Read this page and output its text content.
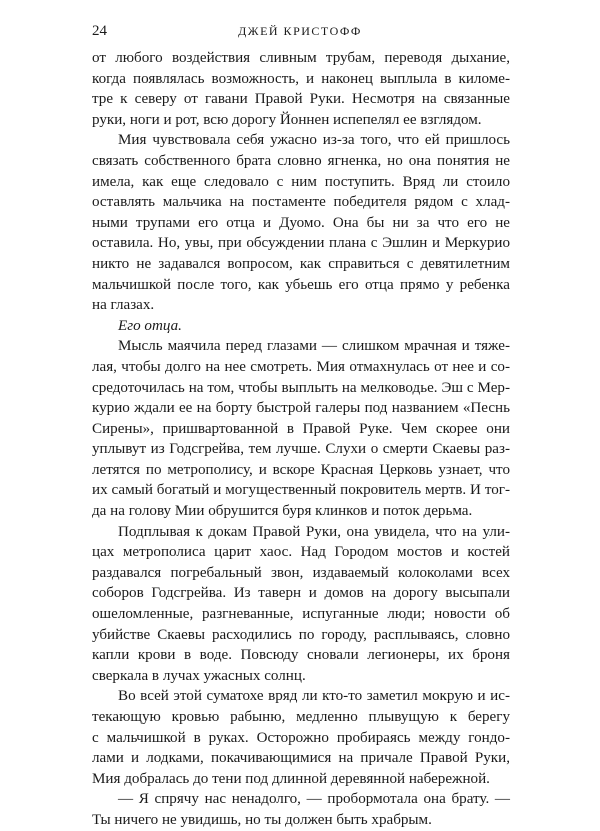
24	ДЖЕЙ КРИСТОФФ
от любого воздействия сливным трубам, переводя дыхание,
когда появлялась возможность, и наконец выплыла в киломе-
тре к северу от гавани Правой Руки. Несмотря на связанные
руки, ноги и рот, всю дорогу Йоннен испепелял ее взглядом.
Мия чувствовала себя ужасно из-за того, что ей пришлось
связать собственного брата словно ягненка, но она понятия не
имела, как еще следовало с ним поступить. Вряд ли стоило
оставлять мальчика на постаменте победителя рядом с хлад-
ными трупами его отца и Дуомо. Она бы ни за что его не
оставила. Но, увы, при обсуждении плана с Эшлин и Меркурио
никто не задавался вопросом, как справиться с девятилетним
мальчишкой после того, как убьешь его отца прямо у ребенка
на глазах.
Его отца.
Мысль маячила перед глазами — слишком мрачная и тяже-
лая, чтобы долго на нее смотреть. Мия отмахнулась от нее и со-
средоточилась на том, чтобы выплыть на мелководье. Эш с Мер-
курио ждали ее на борту быстрой галеры под названием «Песнь
Сирены», пришвартованной в Правой Руке. Чем скорее они
уплывут из Годсгрейва, тем лучше. Слухи о смерти Скаевы раз-
летятся по метрополису, и вскоре Красная Церковь узнает, что
их самый богатый и могущественный покровитель мертв. И тог-
да на голову Мии обрушится буря клинков и поток дерьма.
Подплывая к докам Правой Руки, она увидела, что на ули-
цах метрополиса царит хаос. Над Городом мостов и костей
раздавался погребальный звон, издаваемый колоколами всех
соборов Годсгрейва. Из таверн и домов на дорогу высыпали
ошеломленные, разгневанные, испуганные люди; новости об
убийстве Скаевы расходились по городу, расплываясь, словно
капли крови в воде. Повсюду сновали легионеры, их броня
сверкала в лучах ужасных солнц.
Во всей этой суматохе вряд ли кто-то заметил мокрую и ис-
текающую кровью рабыню, медленно плывущую к берегу
с мальчишкой в руках. Осторожно пробираясь между гондо-
лами и лодками, покачивающимися на причале Правой Руки,
Мия добралась до тени под длинной деревянной набережной.
— Я спрячу нас ненадолго, — пробормотала она брату. —
Ты ничего не увидишь, но ты должен быть храбрым.
